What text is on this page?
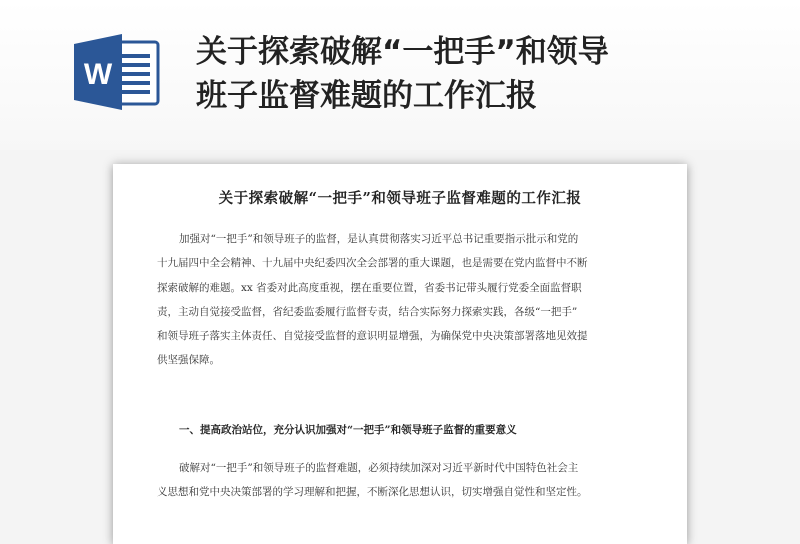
W
关于探索破解“一把手”和领导
班子监督难题的工作汇报
关于探索破解“一把手”和领导班子监督难题的工作汇报
加强对“一把手”和领导班子的监督，是认真贯彻落实习近平总书记重要指示批示和党的
十九届四中全会精神、十九届中央纪委四次全会部署的重大课题，也是需要在党内监督中不断
探索破解的难题。xx 省委对此高度重视，摆在重要位置，省委书记带头履行党委全面监督职
责，主动自觉接受监督，省纪委监委履行监督专责，结合实际努力探索实践，各级“一把手”
和领导班子落实主体责任、自觉接受监督的意识明显增强，为确保党中央决策部署落地见效提
供坚强保障。
一、提高政治站位，充分认识加强对“一把手”和领导班子监督的重要意义
破解对“一把手”和领导班子的监督难题，必须持续加深对习近平新时代中国特色社会主
义思想和党中央决策部署的学习理解和把握，不断深化思想认识，切实增强自觉性和坚定性。
